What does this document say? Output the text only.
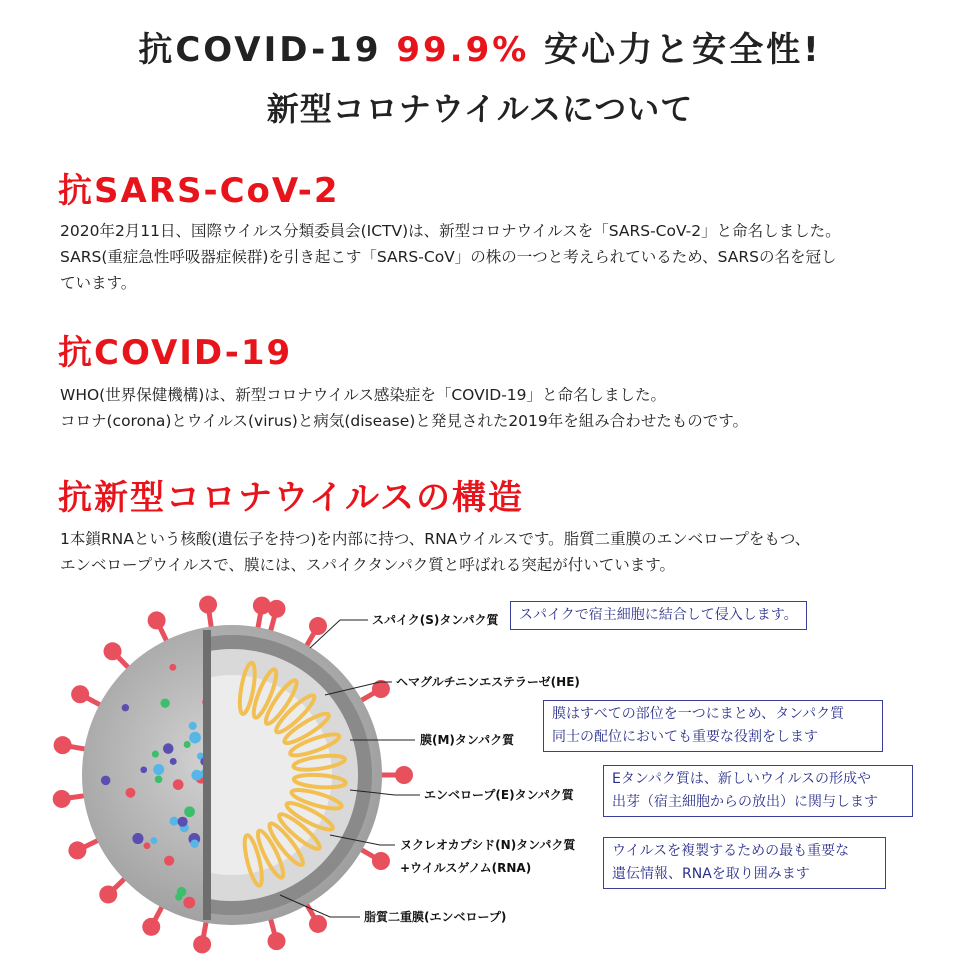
抗COVID-19 99.9% 安心力と安全性!
新型コロナウイルスについて
抗SARS-CoV-2
2020年2月11日、国際ウイルス分類委員会(ICTV)は、新型コロナウイルスを「SARS-CoV-2」と命名しました。
SARS(重症急性呼吸器症候群)を引き起こす「SARS-CoV」の株の一つと考えられているため、SARSの名を冠し
ています。
抗COVID-19
WHO(世界保健機構)は、新型コロナウイルス感染症を「COVID-19」と命名しました。
コロナ(corona)とウイルス(virus)と病気(disease)と発見された2019年を組み合わせたものです。
抗新型コロナウイルスの構造
1本鎖RNAという核酸(遺伝子を持つ)を内部に持つ、RNAウイルスです。脂質二重膜のエンベロープをもつ、
エンベロープウイルスで、膜には、スパイクタンパク質と呼ばれる突起が付いています。
スパイク(S)タンパク質
ヘマグルチニンエステラーゼ(HE)
膜(M)タンパク質
エンベロープ(E)タンパク質
ヌクレオカプシド(N)タンパク質
+ウイルスゲノム(RNA)
脂質二重膜(エンベロープ)
スパイクで宿主細胞に結合して侵入します。
膜はすべての部位を一つにまとめ、タンパク質
同士の配位においても重要な役割をします
Eタンパク質は、新しいウイルスの形成や
出芽（宿主細胞からの放出）に関与します
ウイルスを複製するための最も重要な
遺伝情報、RNAを取り囲みます
